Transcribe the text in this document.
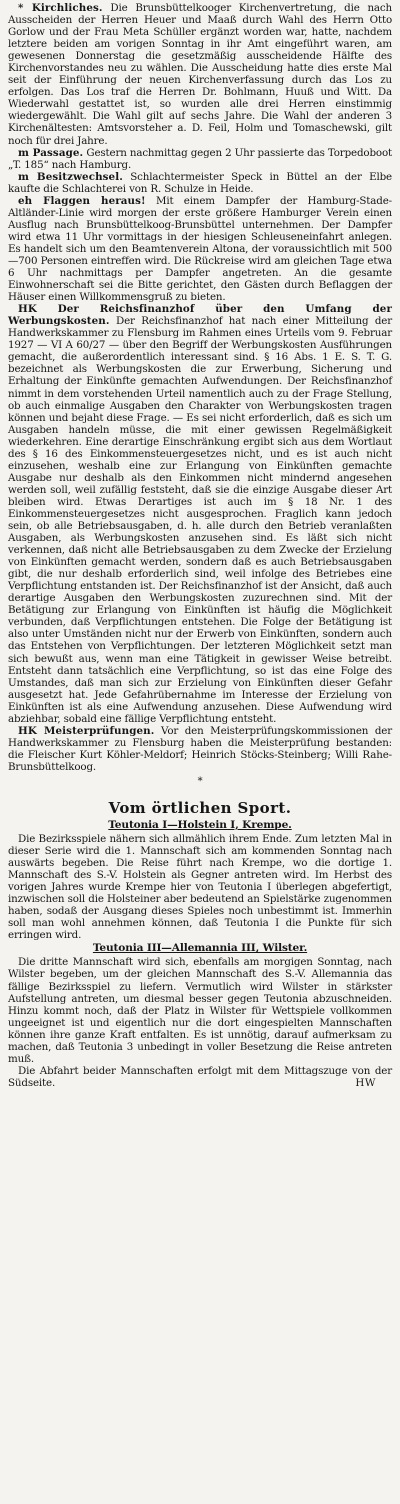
* Kirchliches. Die Brunsbüttelkooger Kirchenvertretung, die nach Ausscheiden der Herren Heuer und Maaß durch Wahl des Herrn Otto Gorlow und der Frau Meta Schüller ergänzt worden war, hatte, nachdem letztere beiden am vorigen Sonntag in ihr Amt eingeführt waren, am gewesenen Donnerstag die gesetzmäßig ausscheidende Hälfte des Kirchenvorstandes neu zu wählen. Die Ausscheidung hatte dies erste Mal seit der Einführung der neuen Kirchenverfassung durch das Los zu erfolgen. Das Los traf die Herren Dr. Bohlmann, Huuß und Witt. Da Wiederwahl gestattet ist, so wurden alle drei Herren einstimmig wiedergewählt. Die Wahl gilt auf sechs Jahre. Die Wahl der anderen 3 Kirchenältesten: Amtsvorsteher a. D. Feil, Holm und Tomaschewski, gilt noch für drei Jahre.

m Passage. Gestern nachmittag gegen 2 Uhr passierte das Torpedoboot „T. 185“ nach Hamburg.

m Besitzwechsel. Schlachtermeister Speck in Büttel an der Elbe kaufte die Schlachterei von R. Schulze in Heide.

eh Flaggen heraus! Mit einem Dampfer der Hamburg-Stade-Altländer-Linie wird morgen der erste größere Hamburger Verein einen Ausflug nach Brunsbüttelkoog-Brunsbüttel unternehmen. Der Dampfer wird etwa 11 Uhr vormittags in der hiesigen Schleuseneinfahrt anlegen. Es handelt sich um den Beamtenverein Altona, der voraussichtlich mit 500—700 Personen eintreffen wird. Die Rückreise wird am gleichen Tage etwa 6 Uhr nachmittags per Dampfer angetreten. An die gesamte Einwohnerschaft sei die Bitte gerichtet, den Gästen durch Beflaggen der Häuser einen Willkommensgruß zu bieten.

HK Der Reichsfinanzhof über den Umfang der Werbungskosten. Der Reichsfinanzhof hat nach einer Mitteilung der Handwerkskammer zu Flensburg im Rahmen eines Urteils vom 9. Februar 1927 — VI A 60/27 — über den Begriff der Werbungskosten Ausführungen gemacht, die außerordentlich interessant sind. § 16 Abs. 1 E. S. T. G. bezeichnet als Werbungskosten die zur Erwerbung, Sicherung und Erhaltung der Einkünfte gemachten Aufwendungen. Der Reichsfinanzhof nimmt in dem vorstehenden Urteil namentlich auch zu der Frage Stellung, ob auch einmalige Ausgaben den Charakter von Werbungskosten tragen können und bejaht diese Frage. — Es sei nicht erforderlich, daß es sich um Ausgaben handeln müsse, die mit einer gewissen Regelmäßigkeit wiederkehren. Eine derartige Einschränkung ergibt sich aus dem Wortlaut des § 16 des Einkommensteuergesetzes nicht, und es ist auch nicht einzusehen, weshalb eine zur Erlangung von Einkünften gemachte Ausgabe nur deshalb als den Einkommen nicht mindernd angesehen werden soll, weil zufällig feststeht, daß sie die einzige Ausgabe dieser Art bleiben wird. Etwas Derartiges ist auch im § 18 Nr. 1 des Einkommensteuergesetzes nicht ausgesprochen. Fraglich kann jedoch sein, ob alle Betriebsausgaben, d. h. alle durch den Betrieb veranlaßten Ausgaben, als Werbungskosten anzusehen sind. Es läßt sich nicht verkennen, daß nicht alle Betriebsausgaben zu dem Zwecke der Erzielung von Einkünften gemacht werden, sondern daß es auch Betriebsausgaben gibt, die nur deshalb erforderlich sind, weil infolge des Betriebes eine Verpflichtung entstanden ist. Der Reichsfinanzhof ist der Ansicht, daß auch derartige Ausgaben den Werbungskosten zuzurechnen sind. Mit der Betätigung zur Erlangung von Einkünften ist häufig die Möglichkeit verbunden, daß Verpflichtungen entstehen. Die Folge der Betätigung ist also unter Umständen nicht nur der Erwerb von Einkünften, sondern auch das Entstehen von Verpflichtungen. Der letzteren Möglichkeit setzt man sich bewußt aus, wenn man eine Tätigkeit in gewisser Weise betreibt. Entsteht dann tatsächlich eine Verpflichtung, so ist das eine Folge des Umstandes, daß man sich zur Erzielung von Einkünften dieser Gefahr ausgesetzt hat. Jede Gefahrübernahme im Interesse der Erzielung von Einkünften ist als eine Aufwendung anzusehen. Diese Aufwendung wird abziehbar, sobald eine fällige Verpflichtung entsteht.

HK Meisterprüfungen. Vor den Meisterprüfungskommissionen der Handwerkskammer zu Flensburg haben die Meisterprüfung bestanden: die Fleischer Kurt Köhler-Meldorf; Heinrich Stöcks-Steinberg; Willi Rahe-Brunsbüttelkoog.

*
Vom örtlichen Sport.
Teutonia I—Holstein I, Krempe.

Die Bezirksspiele nähern sich allmählich ihrem Ende. Zum letzten Mal in dieser Serie wird die 1. Mannschaft sich am kommenden Sonntag nach auswärts begeben. Die Reise führt nach Krempe, wo die dortige 1. Mannschaft des S.-V. Holstein als Gegner antreten wird. Im Herbst des vorigen Jahres wurde Krempe hier von Teutonia I überlegen abgefertigt, inzwischen soll die Holsteiner aber bedeutend an Spielstärke zugenommen haben, sodaß der Ausgang dieses Spieles noch unbestimmt ist. Immerhin soll man wohl annehmen können, daß Teutonia I die Punkte für sich erringen wird.

Teutonia III—Allemannia III, Wilster.

Die dritte Mannschaft wird sich, ebenfalls am morgigen Sonntag, nach Wilster begeben, um der gleichen Mannschaft des S.-V. Allemannia das fällige Bezirksspiel zu liefern. Vermutlich wird Wilster in stärkster Aufstellung antreten, um diesmal besser gegen Teutonia abzuschneiden. Hinzu kommt noch, daß der Platz in Wilster für Wettspiele vollkommen ungeeignet ist und eigentlich nur die dort eingespielten Mannschaften können ihre ganze Kraft entfalten. Es ist unnötig, darauf aufmerksam zu machen, daß Teutonia 3 unbedingt in voller Besetzung die Reise antreten muß.

Die Abfahrt beider Mannschaften erfolgt mit dem Mittagszuge von der Südseite.	HW
